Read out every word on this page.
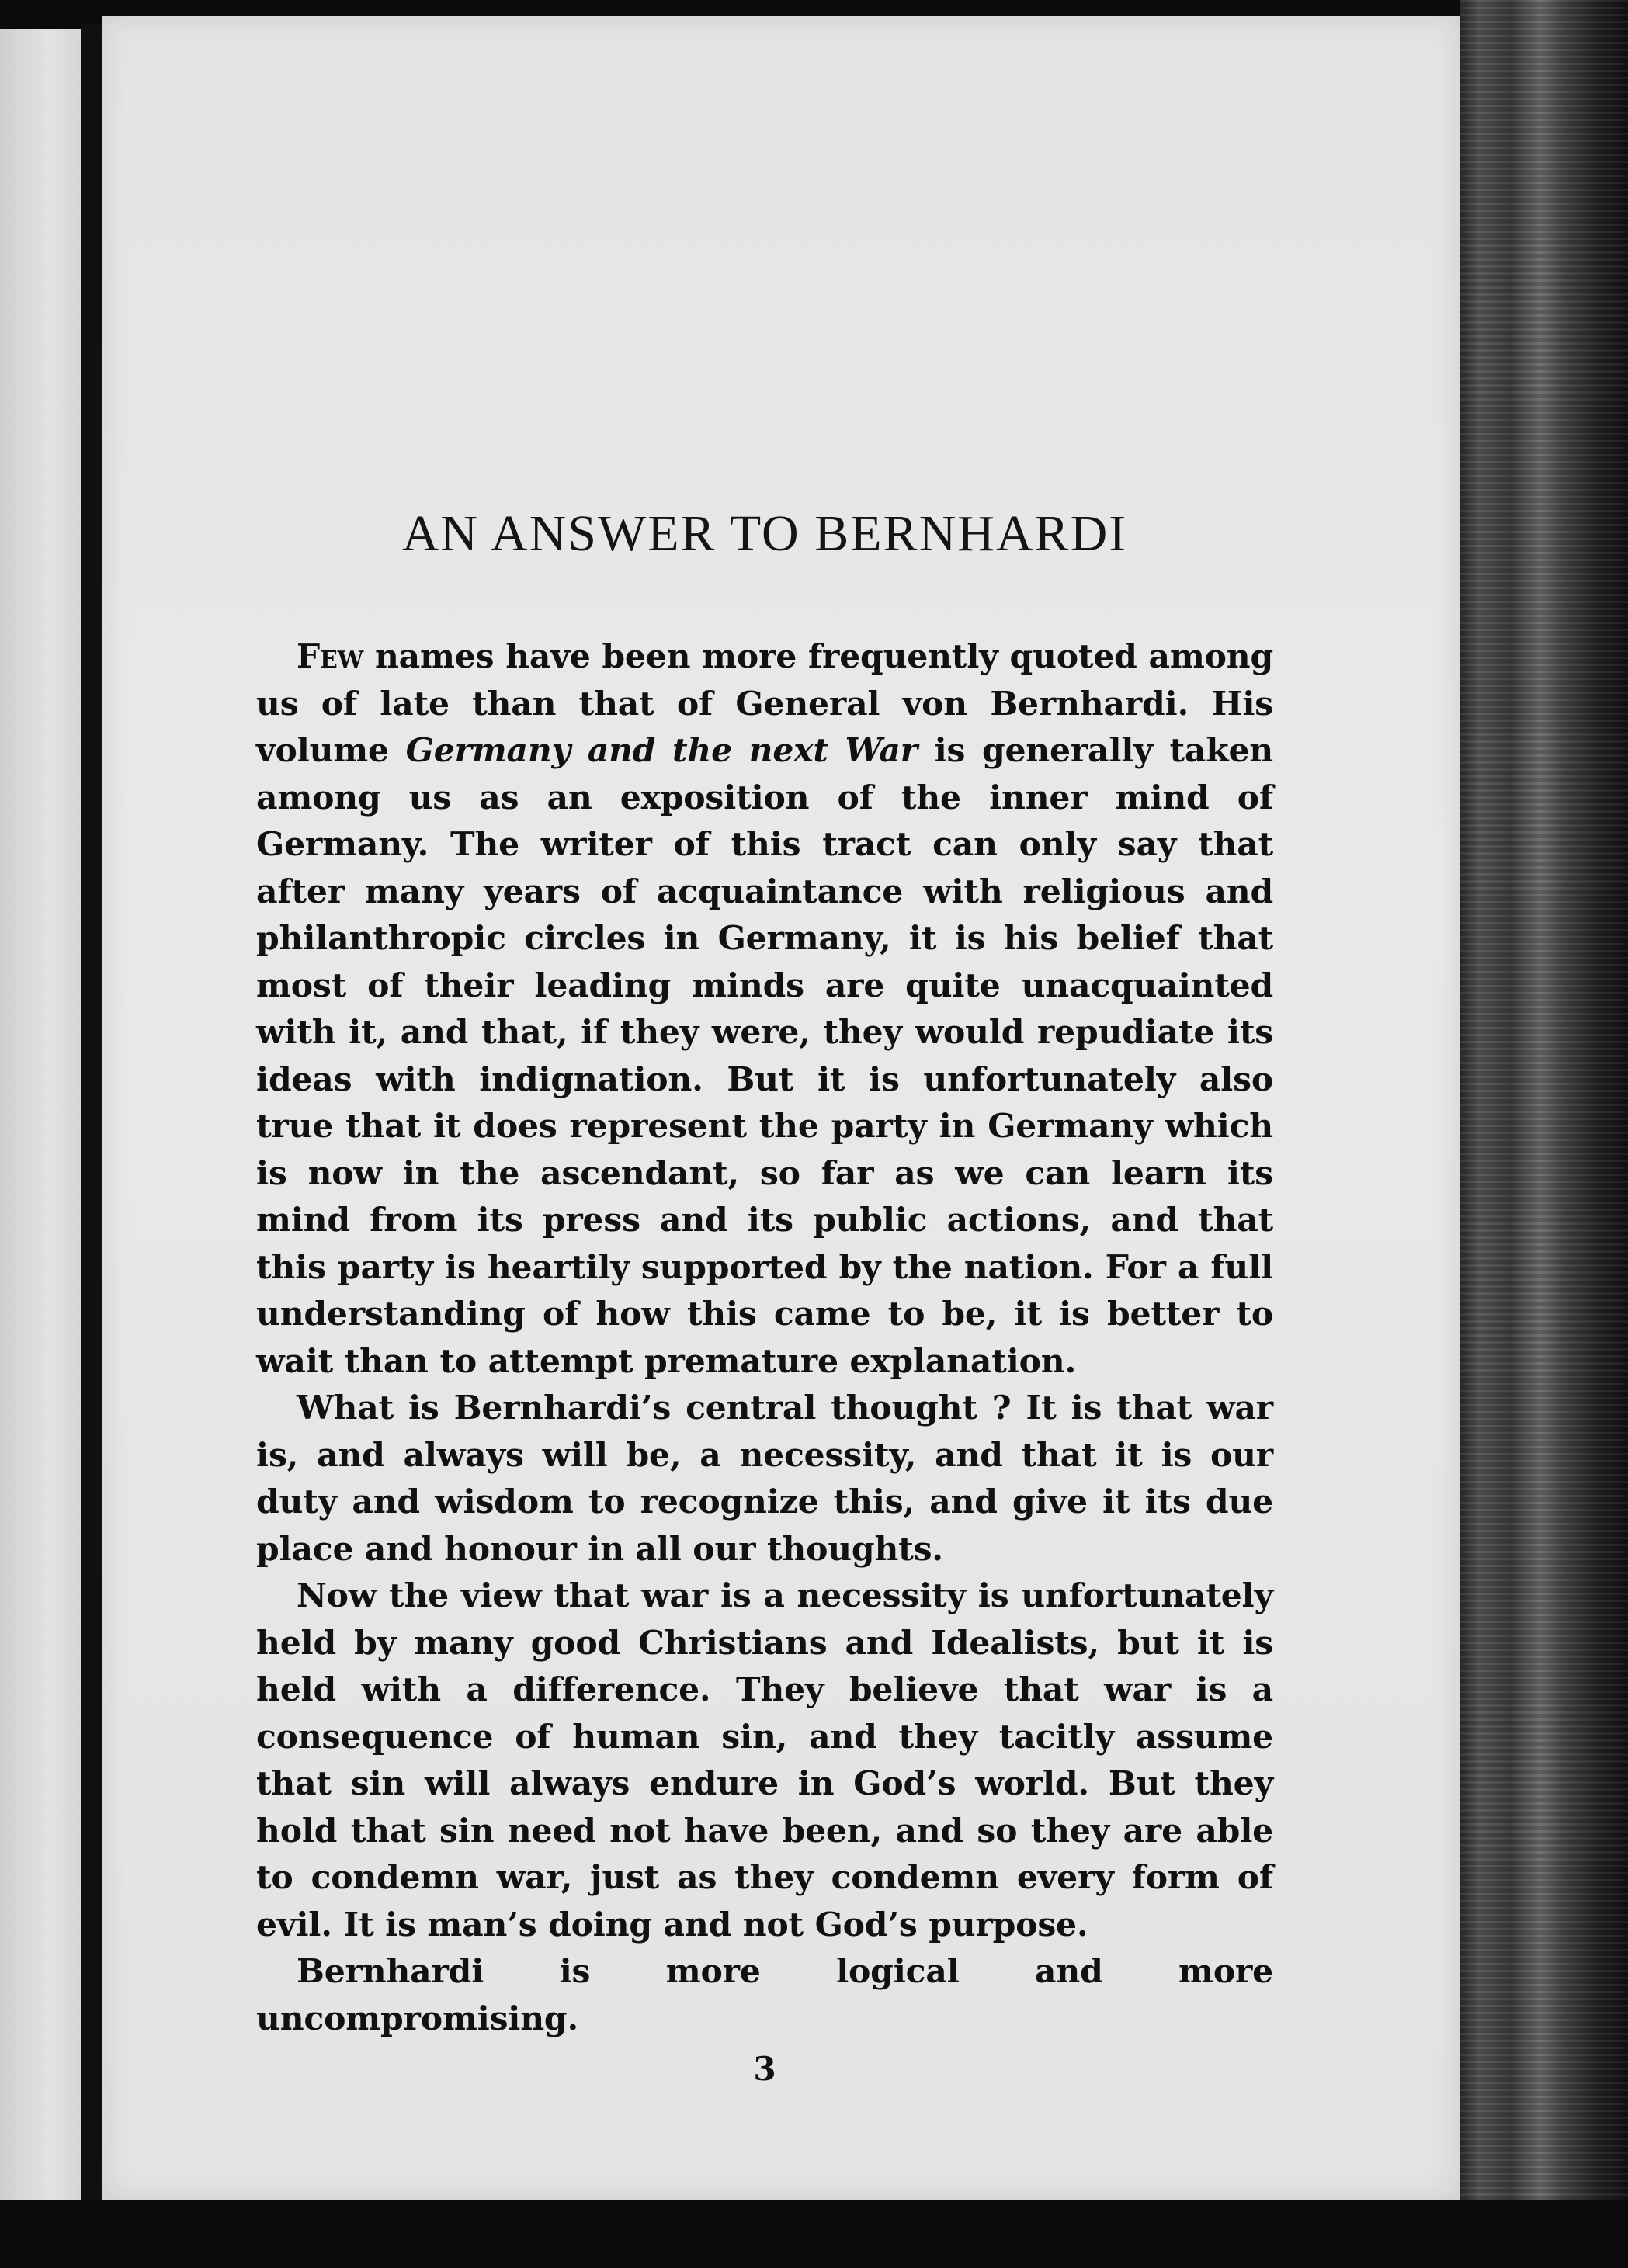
AN ANSWER TO BERNHARDI

Few names have been more frequently quoted among us of late than that of General von Bernhardi. His volume Germany and the next War is generally taken among us as an exposition of the inner mind of Germany. The writer of this tract can only say that after many years of acquaintance with religious and philanthropic circles in Germany, it is his belief that most of their leading minds are quite unacquainted with it, and that, if they were, they would repudiate its ideas with indignation. But it is unfortunately also true that it does represent the party in Germany which is now in the ascendant, so far as we can learn its mind from its press and its public actions, and that this party is heartily supported by the nation. For a full understanding of how this came to be, it is better to wait than to attempt premature explanation.

What is Bernhardi’s central thought ? It is that war is, and always will be, a necessity, and that it is our duty and wisdom to recognize this, and give it its due place and honour in all our thoughts.

Now the view that war is a necessity is unfortunately held by many good Christians and Idealists, but it is held with a difference. They believe that war is a consequence of human sin, and they tacitly assume that sin will always endure in God’s world. But they hold that sin need not have been, and so they are able to condemn war, just as they condemn every form of evil. It is man’s doing and not God’s purpose.

Bernhardi is more logical and more uncompromising.

3
